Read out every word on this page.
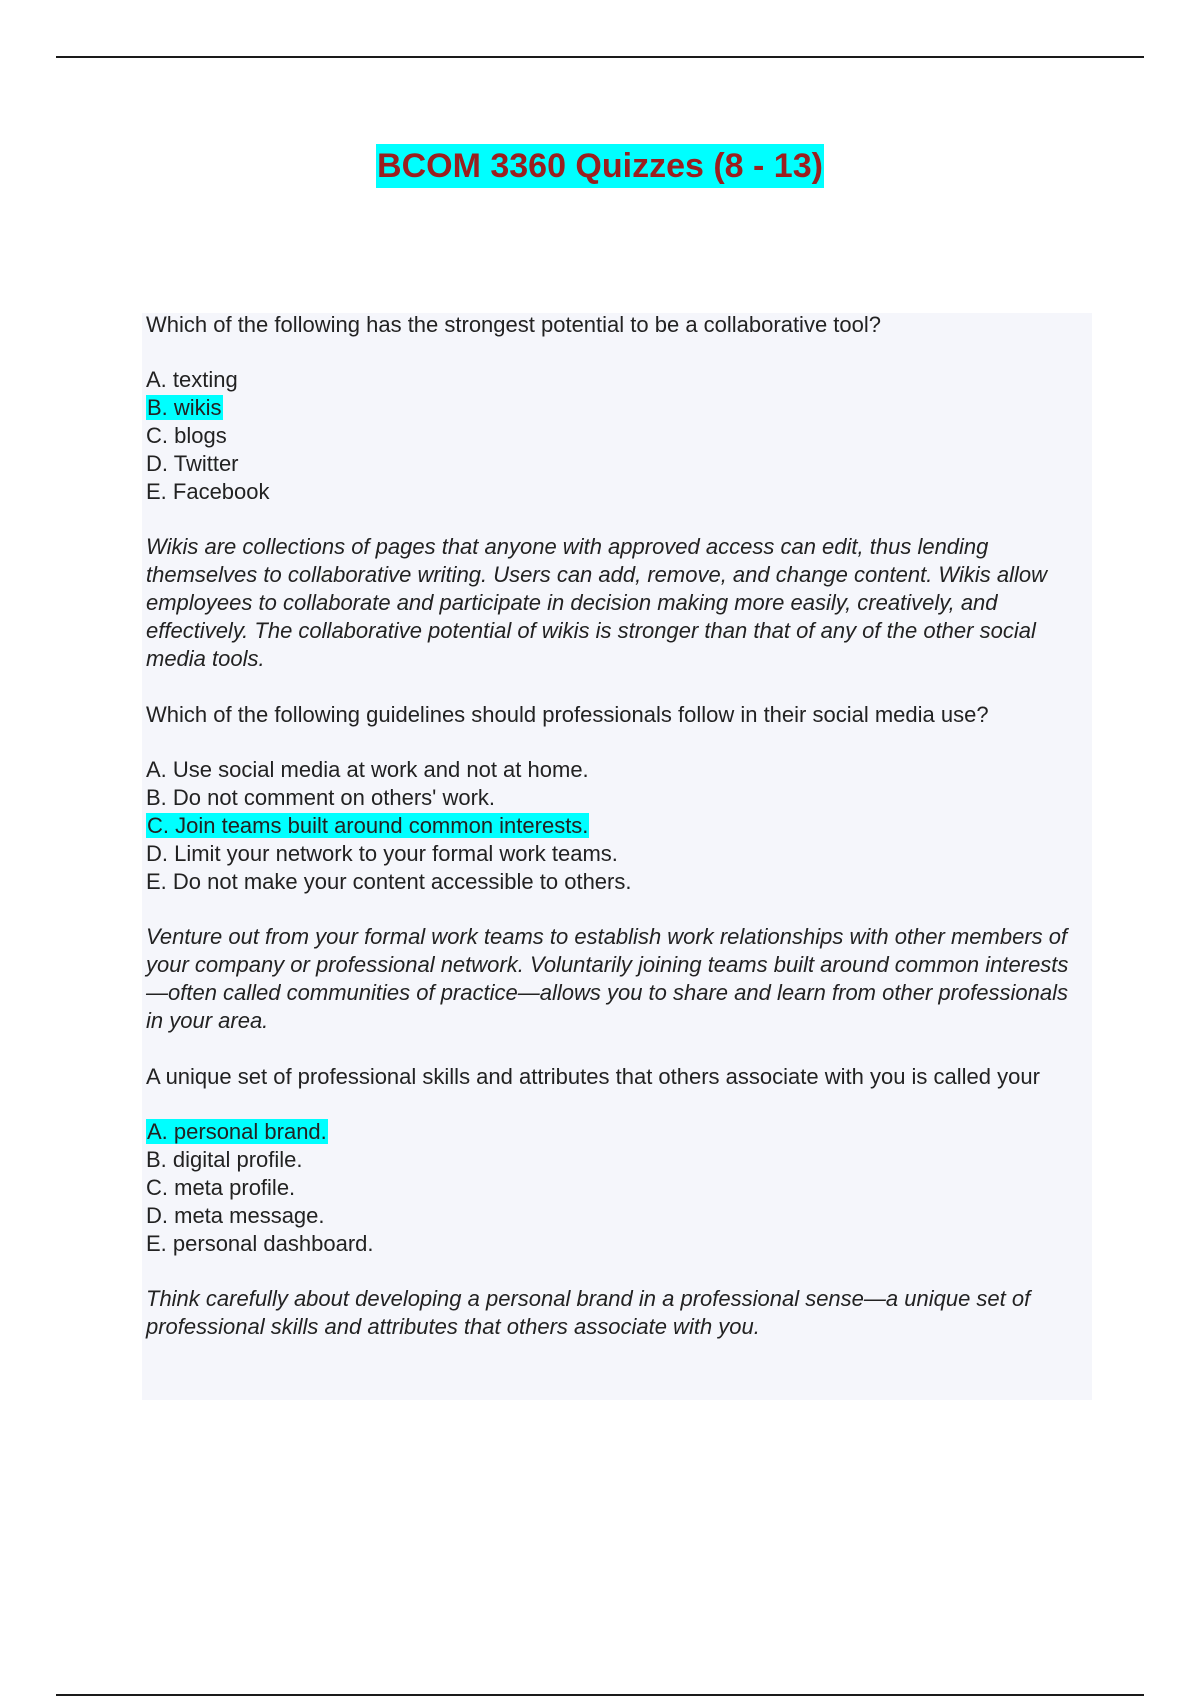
BCOM 3360 Quizzes (8 - 13)

Which of the following has the strongest potential to be a collaborative tool?

A. texting
B. wikis
C. blogs
D. Twitter
E. Facebook

Wikis are collections of pages that anyone with approved access can edit, thus lending themselves to collaborative writing. Users can add, remove, and change content. Wikis allow employees to collaborate and participate in decision making more easily, creatively, and effectively. The collaborative potential of wikis is stronger than that of any of the other social media tools.

Which of the following guidelines should professionals follow in their social media use?

A. Use social media at work and not at home.
B. Do not comment on others' work.
C. Join teams built around common interests.
D. Limit your network to your formal work teams.
E. Do not make your content accessible to others.

Venture out from your formal work teams to establish work relationships with other members of your company or professional network. Voluntarily joining teams built around common interests—often called communities of practice—allows you to share and learn from other professionals in your area.

A unique set of professional skills and attributes that others associate with you is called your

A. personal brand.
B. digital profile.
C. meta profile.
D. meta message.
E. personal dashboard.

Think carefully about developing a personal brand in a professional sense—a unique set of professional skills and attributes that others associate with you.
